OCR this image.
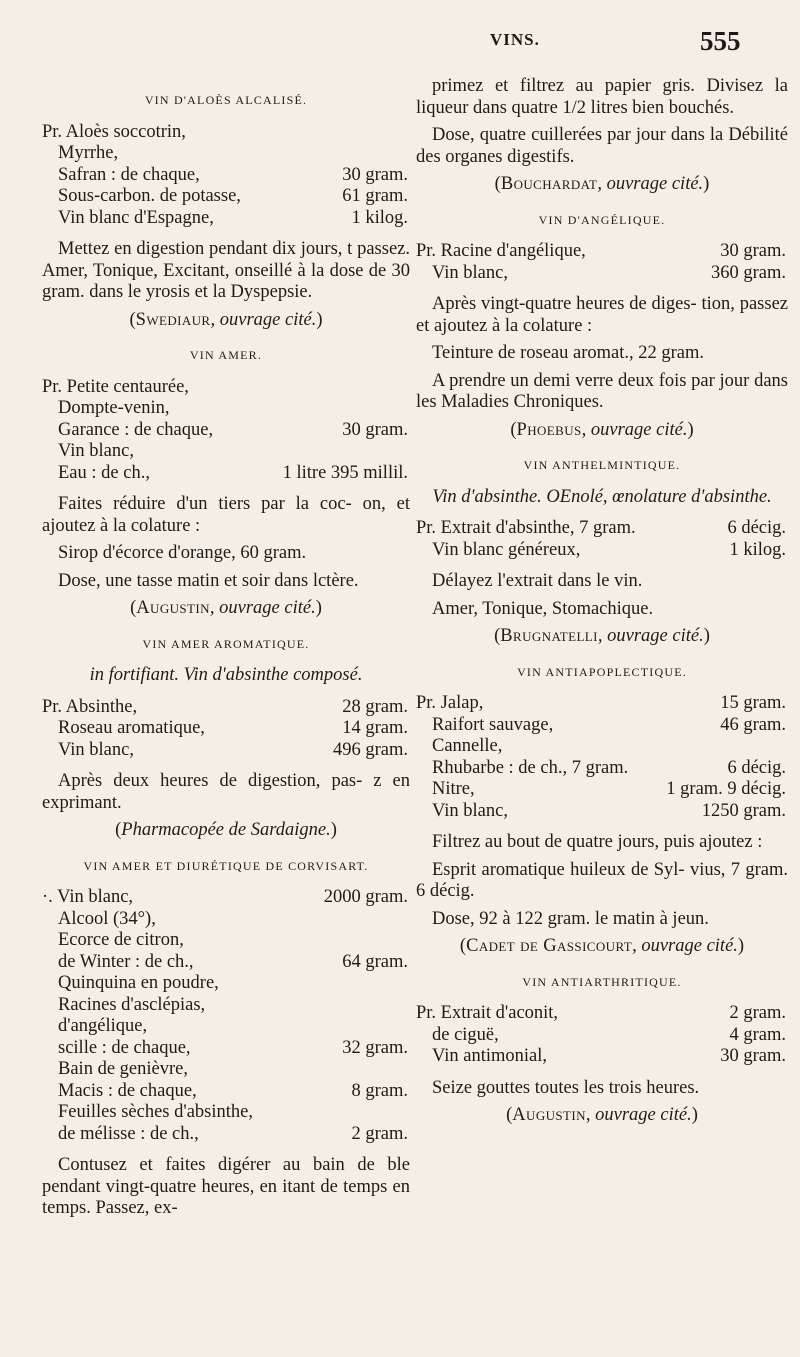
VINS.	555
VIN D'ALOÈS ALCALISÉ.
Pr. Aloès soccotrin,
Myrrhe,
Safran : de chaque,	30 gram.
Sous-carbon. de potasse,	61 gram.
Vin blanc d'Espagne,	1 kilog.

Mettez en digestion pendant dix jours, t passez. Amer, Tonique, Excitant, onseillé à la dose de 30 gram. dans le yrosis et la Dyspepsie.

(Swediaur, ouvrage cité.)

VIN AMER.
Pr. Petite centaurée,
Dompte-venin,
Garance : de chaque,	30 gram.
Vin blanc,
Eau : de ch.,	1 litre 395 millil.

Faites réduire d'un tiers par la coc- on, et ajoutez à la colature :

Sirop d'écorce d'orange, 60 gram.

Dose, une tasse matin et soir dans lctère.

(Augustin, ouvrage cité.)

VIN AMER AROMATIQUE.
in fortifiant. Vin d'absinthe composé.
Pr. Absinthe,	28 gram.
Roseau aromatique,	14 gram.
Vin blanc,	496 gram.

Après deux heures de digestion, pas- z en exprimant.

(Pharmacopée de Sardaigne.)

VIN AMER ET DIURÉTIQUE DE CORVISART.
·. Vin blanc,	2000 gram.
Alcool (34°),
Ecorce de citron,
de Winter : de ch.,	64 gram.
Quinquina en poudre,
Racines d'asclépias,
d'angélique,
scille : de chaque,	32 gram.
Bain de genièvre,
Macis : de chaque,	8 gram.
Feuilles sèches d'absinthe,
de mélisse : de ch.,	2 gram.

Contusez et faites digérer au bain de ble pendant vingt-quatre heures, en itant de temps en temps. Passez, ex-

primez et filtrez au papier gris. Divisez la liqueur dans quatre 1/2 litres bien bouchés.

Dose, quatre cuillerées par jour dans la Débilité des organes digestifs.

(Bouchardat, ouvrage cité.)

VIN D'ANGÉLIQUE.
Pr. Racine d'angélique,	30 gram.
Vin blanc,	360 gram.

Après vingt-quatre heures de diges- tion, passez et ajoutez à la colature :

Teinture de roseau aromat., 22 gram.

A prendre un demi verre deux fois par jour dans les Maladies Chroniques.

(Phoebus, ouvrage cité.)

VIN ANTHELMINTIQUE.
Vin d'absinthe. OEnolé, œnolature d'absinthe.
Pr. Extrait d'absinthe, 7 gram.	6 décig.
Vin blanc généreux,	1 kilog.

Délayez l'extrait dans le vin.

Amer, Tonique, Stomachique.

(Brugnatelli, ouvrage cité.)

VIN ANTIAPOPLECTIQUE.
Pr. Jalap,	15 gram.
Raifort sauvage,	46 gram.
Cannelle,
Rhubarbe : de ch., 7 gram.	6 décig.
Nitre,	1 gram. 9 décig.
Vin blanc,	1250 gram.

Filtrez au bout de quatre jours, puis ajoutez :

Esprit aromatique huileux de Syl- vius, 7 gram. 6 décig.

Dose, 92 à 122 gram. le matin à jeun.

(Cadet de Gassicourt, ouvrage cité.)

VIN ANTIARTHRITIQUE.
Pr. Extrait d'aconit,	2 gram.
de ciguë,	4 gram.
Vin antimonial,	30 gram.

Seize gouttes toutes les trois heures.

(Augustin, ouvrage cité.)
